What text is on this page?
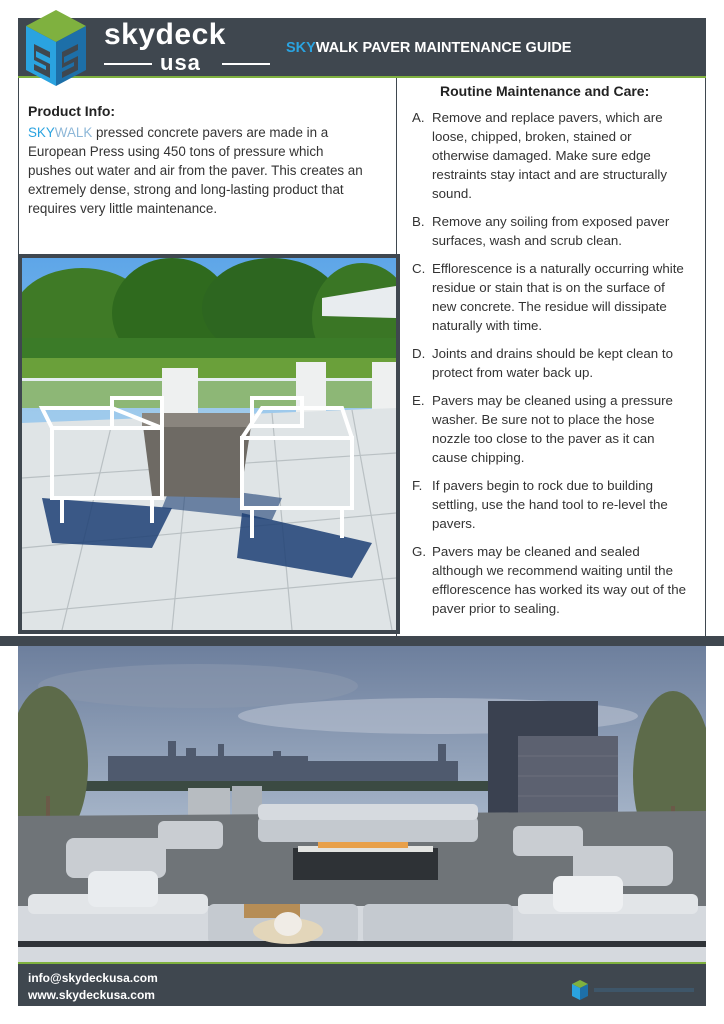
skydeck
usa
SKYWALK PAVER MAINTENANCE GUIDE
Product Info:
SKYWALK pressed concrete pavers are made in a European Press using 450 tons of pressure which pushes out water and air from the paver. This creates an extremely dense, strong and long-lasting product that requires very little maintenance.
Routine Maintenance and Care:
A. Remove and replace pavers, which are loose, chipped, broken, stained or otherwise damaged. Make sure edge restraints stay intact and are structurally sound.
B. Remove any soiling from exposed paver surfaces, wash and scrub clean.
C. Efflorescence is a naturally occurring white residue or stain that is on the surface of new concrete. The residue will dissipate naturally with time.
D. Joints and drains should be kept clean to protect from water back up.
E. Pavers may be cleaned using a pressure washer. Be sure not to place the hose nozzle too close to the paver as it can cause chipping.
F. If pavers begin to rock due to building settling, use the hand tool to re-level the pavers.
G. Pavers may be cleaned and sealed although we recommend waiting until the efflorescence has worked its way out of the paver prior to sealing.
info@skydeckusa.com
www.skydeckusa.com
